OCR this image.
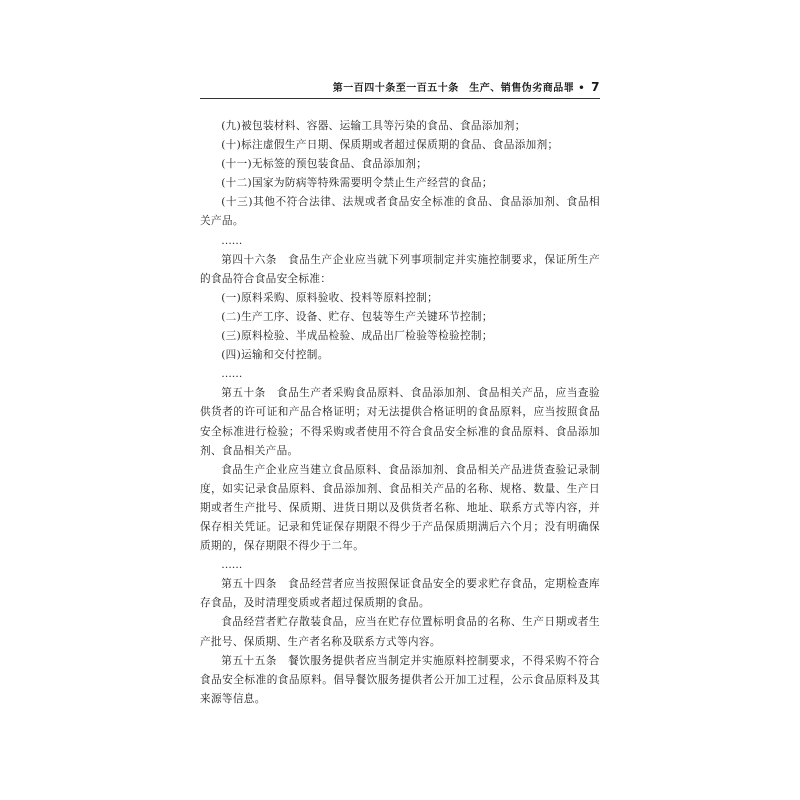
第一百四十条至一百五十条　生产、销售伪劣商品罪 • 7

(九)被包装材料、容器、运输工具等污染的食品、食品添加剂；

(十)标注虚假生产日期、保质期或者超过保质期的食品、食品添加剂；

(十一)无标签的预包装食品、食品添加剂；

(十二)国家为防病等特殊需要明令禁止生产经营的食品；

(十三)其他不符合法律、法规或者食品安全标准的食品、食品添加剂、食品相关产品。

……

第四十六条　食品生产企业应当就下列事项制定并实施控制要求，保证所生产的食品符合食品安全标准：

(一)原料采购、原料验收、投料等原料控制；

(二)生产工序、设备、贮存、包装等生产关键环节控制；

(三)原料检验、半成品检验、成品出厂检验等检验控制；

(四)运输和交付控制。

……

第五十条　食品生产者采购食品原料、食品添加剂、食品相关产品，应当查验供货者的许可证和产品合格证明；对无法提供合格证明的食品原料，应当按照食品安全标准进行检验；不得采购或者使用不符合食品安全标准的食品原料、食品添加剂、食品相关产品。

食品生产企业应当建立食品原料、食品添加剂、食品相关产品进货查验记录制度，如实记录食品原料、食品添加剂、食品相关产品的名称、规格、数量、生产日期或者生产批号、保质期、进货日期以及供货者名称、地址、联系方式等内容，并保存相关凭证。记录和凭证保存期限不得少于产品保质期满后六个月；没有明确保质期的，保存期限不得少于二年。

……

第五十四条　食品经营者应当按照保证食品安全的要求贮存食品，定期检查库存食品，及时清理变质或者超过保质期的食品。

食品经营者贮存散装食品，应当在贮存位置标明食品的名称、生产日期或者生产批号、保质期、生产者名称及联系方式等内容。

第五十五条　餐饮服务提供者应当制定并实施原料控制要求，不得采购不符合食品安全标准的食品原料。倡导餐饮服务提供者公开加工过程，公示食品原料及其来源等信息。
